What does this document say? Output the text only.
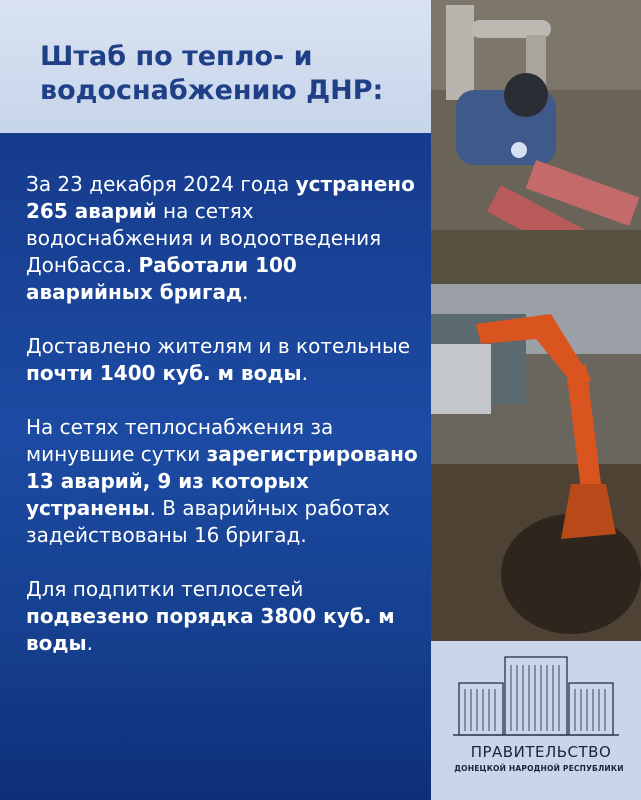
Штаб по тепло- и водоснабжению ДНР:

За 23 декабря 2024 года устранено 265 аварий на сетях водоснабжения и водоотведения Донбасса. Работали 100 аварийных бригад.

Доставлено жителям и в котельные почти 1400 куб. м воды.

На сетях теплоснабжения за минувшие сутки зарегистрировано 13 аварий, 9 из которых устранены. В аварийных работах задействованы 16 бригад.

Для подпитки теплосетей подвезено порядка 3800 куб. м воды.

ПРАВИТЕЛЬСТВО
ДОНЕЦКОЙ НАРОДНОЙ РЕСПУБЛИКИ
